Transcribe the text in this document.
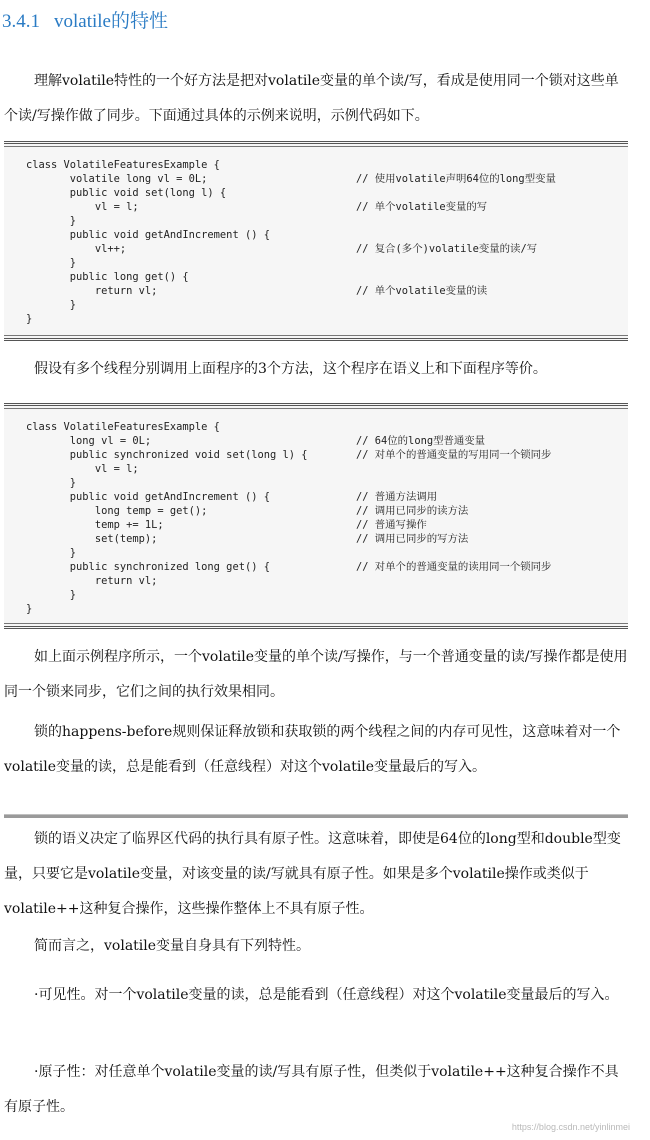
3.4.1 volatile的特性

理解volatile特性的一个好方法是把对volatile变量的单个读/写，看成是使用同一个锁对这些单个读/写操作做了同步。下面通过具体的示例来说明，示例代码如下。

class VolatileFeaturesExample {
volatile long vl = 0L;	// 使用volatile声明64位的long型变量
public void set(long l) {
vl = l;	// 单个volatile变量的写
}
public void getAndIncrement () {
vl++;	// 复合(多个)volatile变量的读/写
}
public long get() {
return vl;	// 单个volatile变量的读
}
}

假设有多个线程分别调用上面程序的3个方法，这个程序在语义上和下面程序等价。

class VolatileFeaturesExample {
long vl = 0L;	// 64位的long型普通变量
public synchronized void set(long l) {	// 对单个的普通变量的写用同一个锁同步
vl = l;
}
public void getAndIncrement () {	// 普通方法调用
long temp = get();	// 调用已同步的读方法
temp += 1L;	// 普通写操作
set(temp);	// 调用已同步的写方法
}
public synchronized long get() {	// 对单个的普通变量的读用同一个锁同步
return vl;
}
}

如上面示例程序所示，一个volatile变量的单个读/写操作，与一个普通变量的读/写操作都是使用同一个锁来同步，它们之间的执行效果相同。

锁的happens-before规则保证释放锁和获取锁的两个线程之间的内存可见性，这意味着对一个volatile变量的读，总是能看到（任意线程）对这个volatile变量最后的写入。

锁的语义决定了临界区代码的执行具有原子性。这意味着，即使是64位的long型和double型变量，只要它是volatile变量，对该变量的读/写就具有原子性。如果是多个volatile操作或类似于volatile++这种复合操作，这些操作整体上不具有原子性。

简而言之，volatile变量自身具有下列特性。

·可见性。对一个volatile变量的读，总是能看到（任意线程）对这个volatile变量最后的写入。

·原子性：对任意单个volatile变量的读/写具有原子性，但类似于volatile++这种复合操作不具有原子性。

https://blog.csdn.net/yinlinmei
